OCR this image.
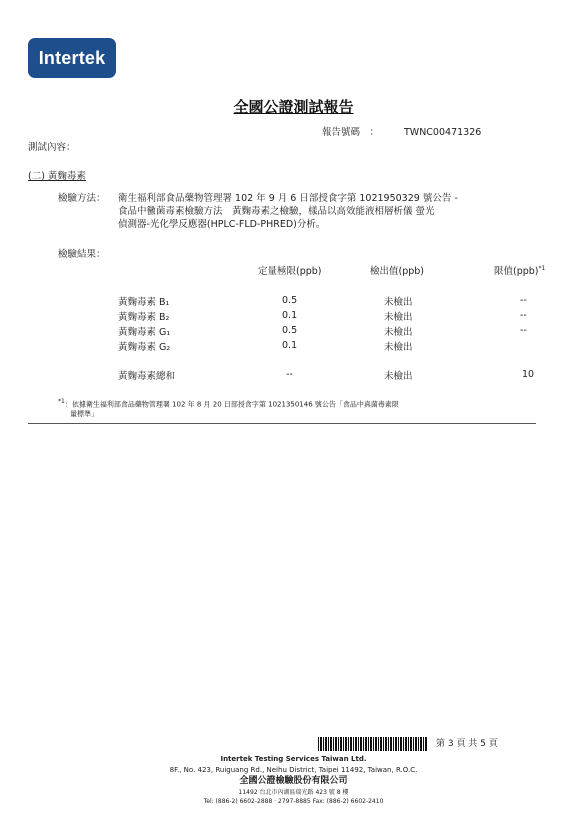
Intertek
全國公證測試報告
報告號碼　：	TWNC00471326
測試內容：
(二) 黃麴毒素
檢驗方法： 衛生福利部食品藥物管理署 102 年 9 月 6 日部授食字第 1021950329 號公告 -
食品中黴菌毒素檢驗方法　黃麴毒素之檢驗，樣品以高效能液相層析儀 螢光
偵測器-光化學反應器(HPLC-FLD-PHRED)分析。
檢驗結果：
	定量極限(ppb)	檢出值(ppb)	限值(ppb)$^{*1}$

黃麴毒素 B₁	0.5	未檢出	--
黃麴毒素 B₂	0.1	未檢出	--
黃麴毒素 G₁	0.5	未檢出	--
黃麴毒素 G₂	0.1	未檢出	

黃麴毒素總和	--	未檢出	10
*1：依據衛生福利部食品藥物管理署 102 年 8 月 20 日部授食字第 1021350146 號公告「食品中真菌毒素限
量標準」
第 3 頁 共 5 頁
Intertek Testing Services Taiwan Ltd.
8F., No. 423, Ruiguang Rd., Neihu District, Taipei 11492, Taiwan, R.O.C.
全國公證檢驗股份有限公司
11492 台北市內湖區瑞光路 423 號 8 樓
Tel: (886-2) 6602-2888 · 2797-8885 Fax: (886-2) 6602-2410
